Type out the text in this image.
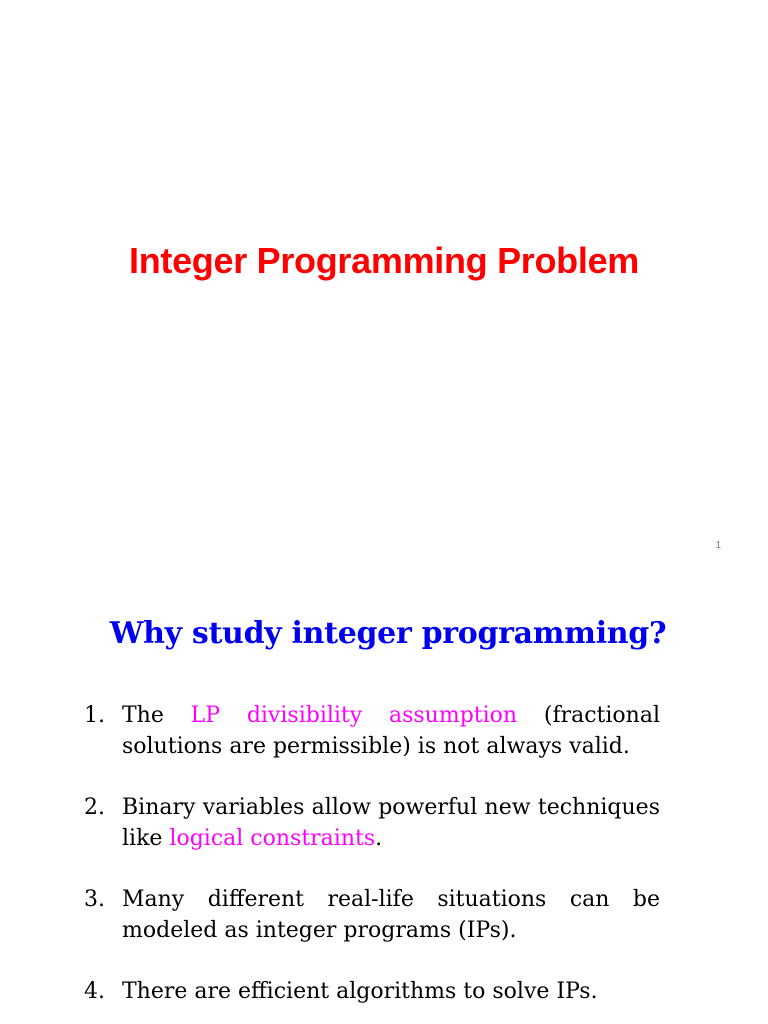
Integer Programming Problem
1
Why study integer programming?
1. The LP divisibility assumption (fractional solutions are permissible) is not always valid.
2. Binary variables allow powerful new techniques like logical constraints.
3. Many different real-life situations can be modeled as integer programs (IPs).
4. There are efficient algorithms to solve IPs.
